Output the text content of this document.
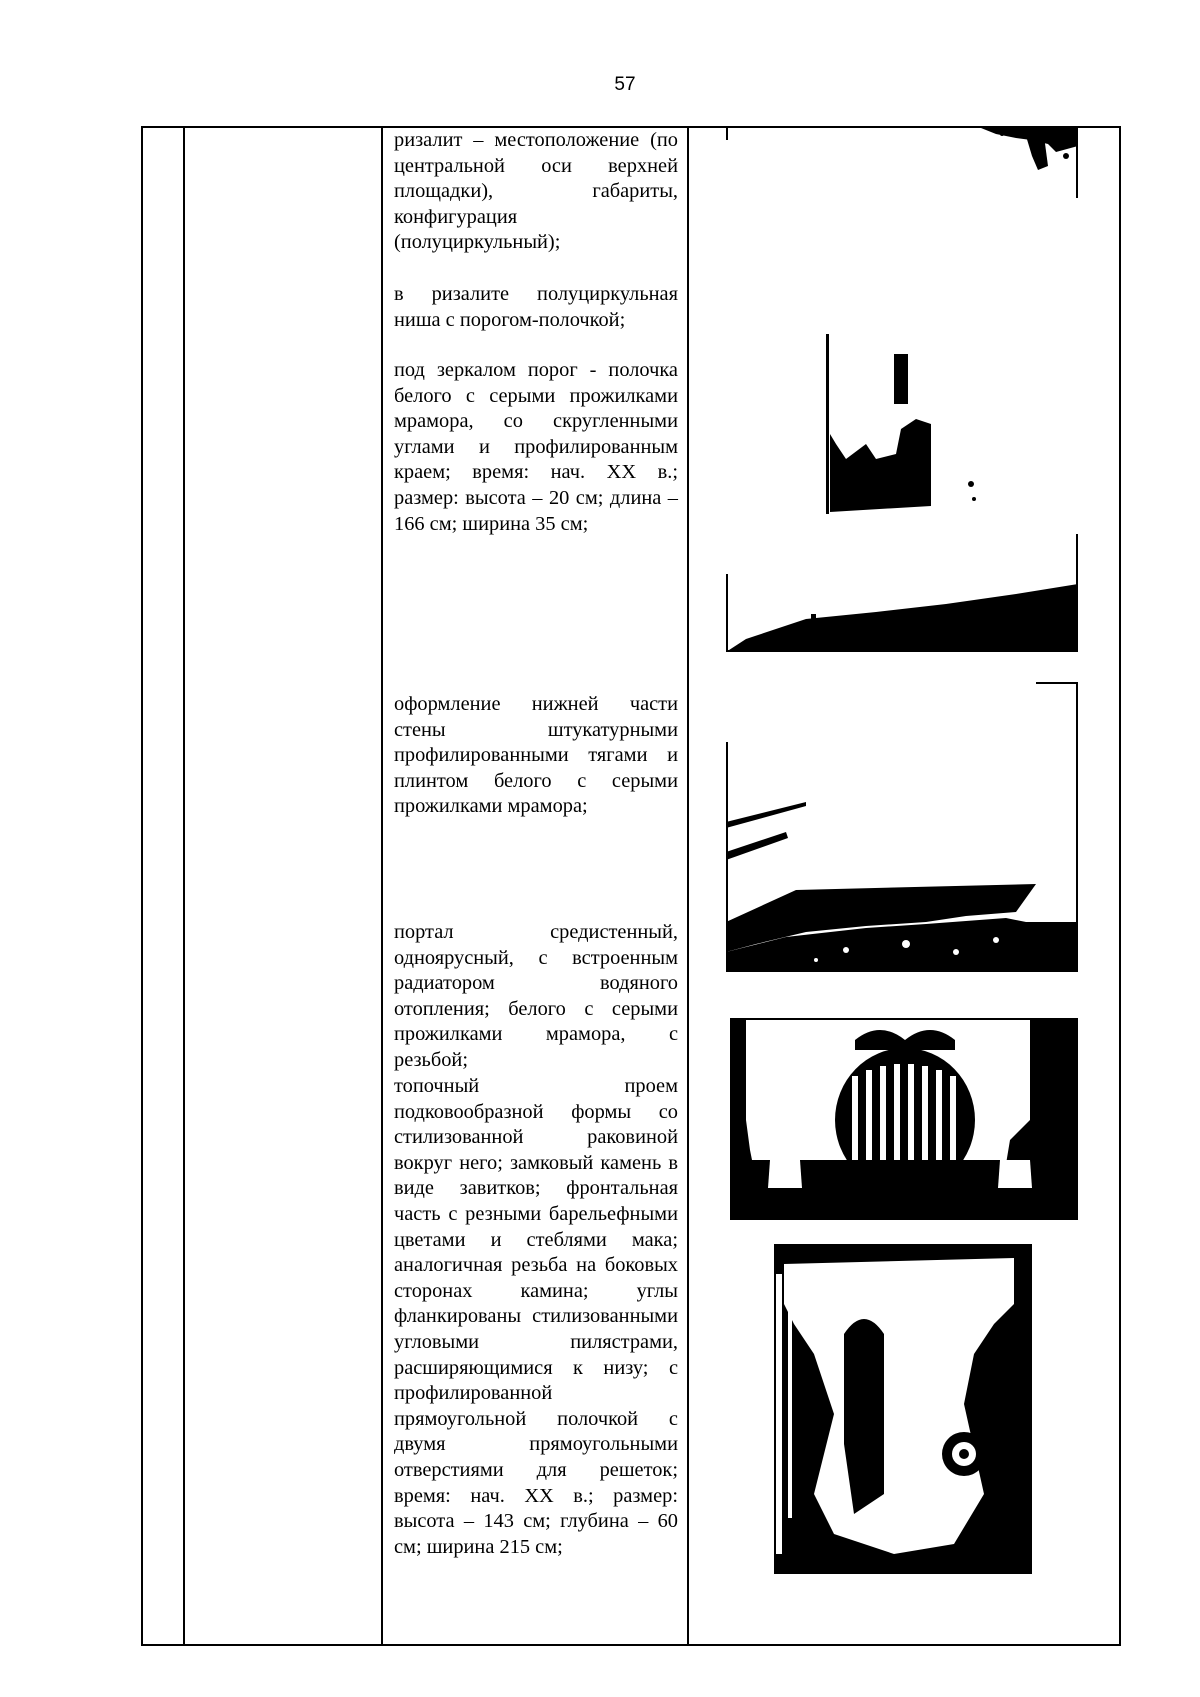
57

ризалит – местоположение (по центральной оси верхней площадки), габариты, конфигурация (полуциркульный);

в ризалите полуциркульная ниша с порогом-полочкой;

под зеркалом порог - полочка белого с серыми прожилками мрамора, со скругленными углами и профилированным краем; время: нач. XX в.; размер: высота – 20 см; длина – 166 см; ширина 35 см;

оформление нижней части стены штукатурными профилированными тягами и плинтом белого с серыми прожилками мрамора;

портал средистенный, одноярусный, с встроенным радиатором водяного отопления; белого с серыми прожилками мрамора, с резьбой;

топочный проем подковообразной формы со стилизованной раковиной вокруг него; замковый камень в виде завитков; фронтальная часть с резными барельефными цветами и стеблями мака; аналогичная резьба на боковых сторонах камина; углы фланкированы стилизованными угловыми пилястрами, расширяющимися к низу; с профилированной прямоугольной полочкой с двумя прямоугольными отверстиями для решеток; время: нач. XX в.; размер: высота – 143 см; глубина – 60 см; ширина 215 см;
